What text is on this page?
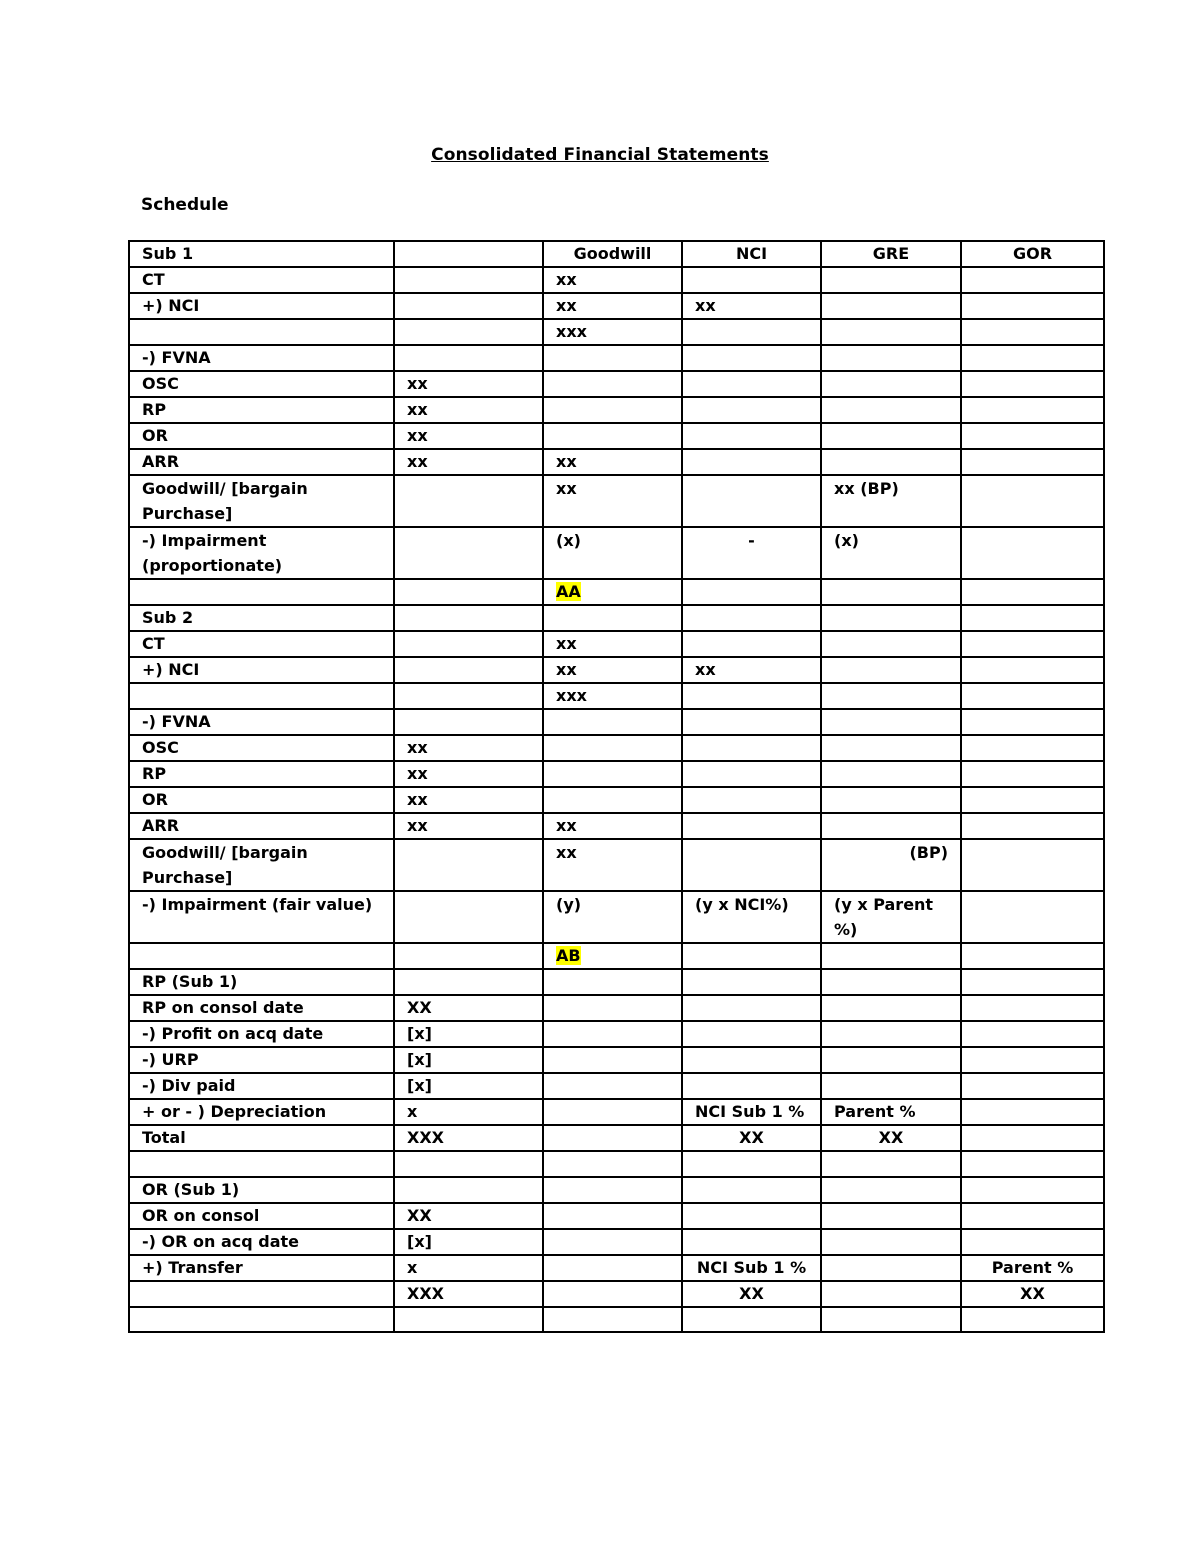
Consolidated Financial Statements
Schedule
Sub 1		Goodwill	NCI	GRE	GOR
CT		xx			
+) NCI		xx	xx		
		xxx			
-) FVNA					
OSC	xx				
RP	xx				
OR	xx				
ARR	xx	xx			
Goodwill/ [bargain Purchase]		xx		xx (BP)	
-) Impairment (proportionate)		(x)	-	(x)	
		AA			
Sub 2					
CT		xx			
+) NCI		xx	xx		
		xxx			
-) FVNA					
OSC	xx				
RP	xx				
OR	xx				
ARR	xx	xx			
Goodwill/ [bargain Purchase]		xx		(BP)	
-) Impairment (fair value)		(y)	(y x NCI%)	(y x Parent %)	
		AB			
RP (Sub 1)					
RP on consol date	XX				
-) Profit on acq date	[x]				
-) URP	[x]				
-) Div paid	[x]				
+ or - ) Depreciation	x		NCI Sub 1 %	Parent %	
Total	XXX		XX	XX	

OR (Sub 1)					
OR on consol	XX				
-) OR on acq date	[x]				
+) Transfer	x		NCI Sub 1 %		Parent %
	XXX		XX		XX
